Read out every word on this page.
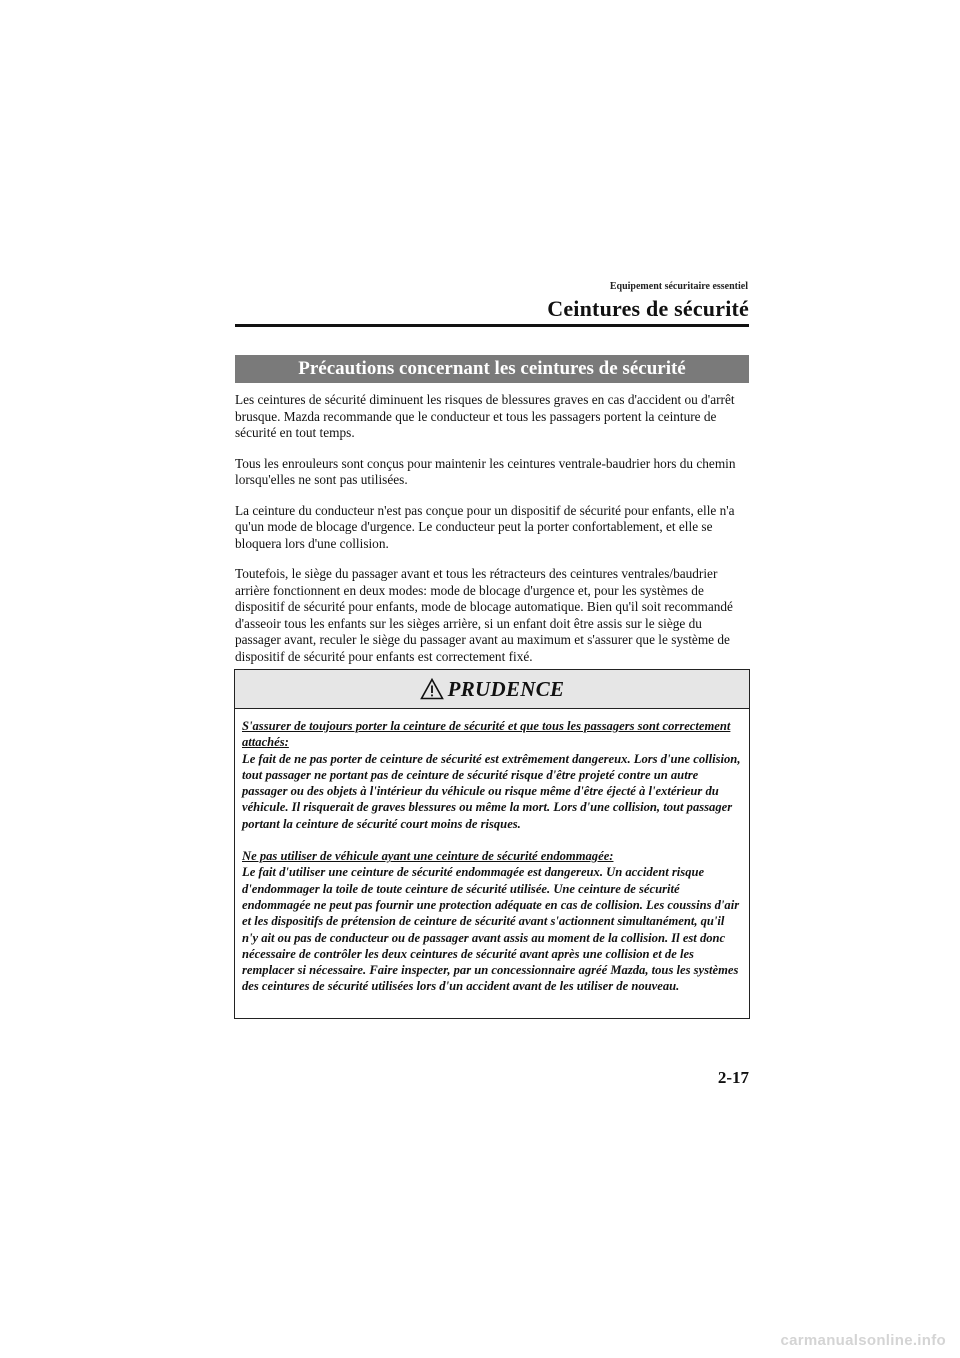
Equipement sécuritaire essentiel
Ceintures de sécurité
Précautions concernant les ceintures de sécurité

Les ceintures de sécurité diminuent les risques de blessures graves en cas d'accident ou d'arrêt brusque. Mazda recommande que le conducteur et tous les passagers portent la ceinture de sécurité en tout temps.

Tous les enrouleurs sont conçus pour maintenir les ceintures ventrale-baudrier hors du chemin lorsqu'elles ne sont pas utilisées.

La ceinture du conducteur n'est pas conçue pour un dispositif de sécurité pour enfants, elle n'a qu'un mode de blocage d'urgence. Le conducteur peut la porter confortablement, et elle se bloquera lors d'une collision.

Toutefois, le siège du passager avant et tous les rétracteurs des ceintures ventrales/baudrier arrière fonctionnent en deux modes: mode de blocage d'urgence et, pour les systèmes de dispositif de sécurité pour enfants, mode de blocage automatique. Bien qu'il soit recommandé d'asseoir tous les enfants sur les sièges arrière, si un enfant doit être assis sur le siège du passager avant, reculer le siège du passager avant au maximum et s'assurer que le système de dispositif de sécurité pour enfants est correctement fixé.

PRUDENCE

S'assurer de toujours porter la ceinture de sécurité et que tous les passagers sont correctement attachés:

Le fait de ne pas porter de ceinture de sécurité est extrêmement dangereux. Lors d'une collision, tout passager ne portant pas de ceinture de sécurité risque d'être projeté contre un autre passager ou des objets à l'intérieur du véhicule ou risque même d'être éjecté à l'extérieur du véhicule. Il risquerait de graves blessures ou même la mort. Lors d'une collision, tout passager portant la ceinture de sécurité court moins de risques.

Ne pas utiliser de véhicule ayant une ceinture de sécurité endommagée:

Le fait d'utiliser une ceinture de sécurité endommagée est dangereux. Un accident risque d'endommager la toile de toute ceinture de sécurité utilisée. Une ceinture de sécurité endommagée ne peut pas fournir une protection adéquate en cas de collision. Les coussins d'air et les dispositifs de prétension de ceinture de sécurité avant s'actionnent simultanément, qu'il n'y ait ou pas de conducteur ou de passager avant assis au moment de la collision. Il est donc nécessaire de contrôler les deux ceintures de sécurité avant après une collision et de les remplacer si nécessaire. Faire inspecter, par un concessionnaire agréé Mazda, tous les systèmes des ceintures de sécurité utilisées lors d'un accident avant de les utiliser de nouveau.

2-17
carmanualsonline.info
